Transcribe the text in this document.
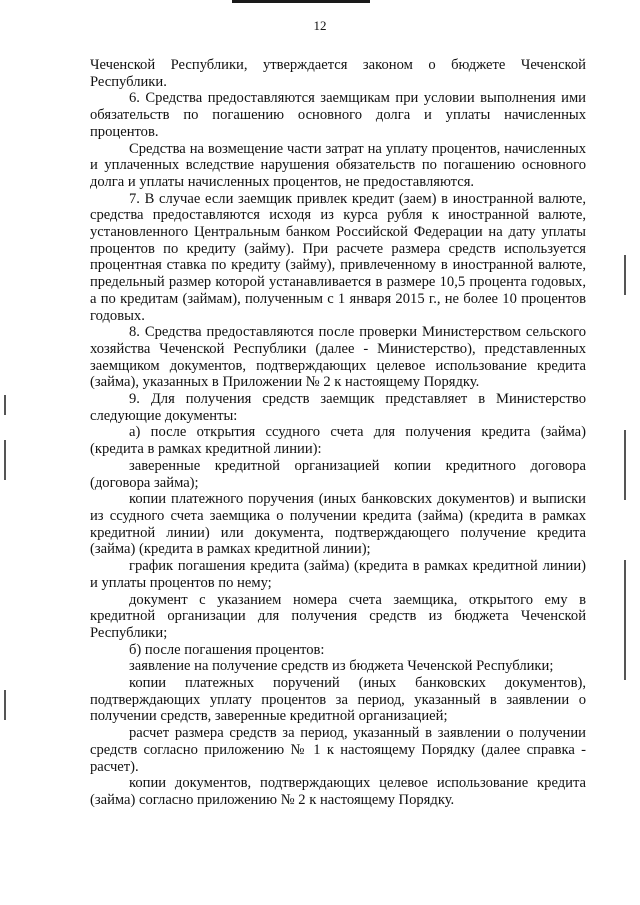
12

Чеченской Республики, утверждается законом о бюджете Чеченской Республики.

6. Средства предоставляются заемщикам при условии выполнения ими обязательств по погашению основного долга и уплаты начисленных процентов.

Средства на возмещение части затрат на уплату процентов, начисленных и уплаченных вследствие нарушения обязательств по погашению основного долга и уплаты начисленных процентов, не предоставляются.

7. В случае если заемщик привлек кредит (заем) в иностранной валюте, средства предоставляются исходя из курса рубля к иностранной валюте, установленного Центральным банком Российской Федерации на дату уплаты процентов по кредиту (займу). При расчете размера средств используется процентная ставка по кредиту (займу), привлеченному в иностранной валюте, предельный размер которой устанавливается в размере 10,5 процента годовых, а по кредитам (займам), полученным с 1 января 2015 г., не более 10 процентов годовых.

8. Средства предоставляются после проверки Министерством сельского хозяйства Чеченской Республики (далее - Министерство), представленных заемщиком документов, подтверждающих целевое использование кредита (займа), указанных в Приложении № 2 к настоящему Порядку.

9. Для получения средств заемщик представляет в Министерство следующие документы:

а) после открытия ссудного счета для получения кредита (займа) (кредита в рамках кредитной линии):

заверенные кредитной организацией копии кредитного договора (договора займа);

копии платежного поручения (иных банковских документов) и выписки из ссудного счета заемщика о получении кредита (займа) (кредита в рамках кредитной линии) или документа, подтверждающего получение кредита (займа) (кредита в рамках кредитной линии);

график погашения кредита (займа) (кредита в рамках кредитной линии) и уплаты процентов по нему;

документ с указанием номера счета заемщика, открытого ему в кредитной организации для получения средств из бюджета Чеченской Республики;

б) после погашения процентов:

заявление на получение средств из бюджета Чеченской Республики;

копии платежных поручений (иных банковских документов), подтверждающих уплату процентов за период, указанный в заявлении о получении средств, заверенные кредитной организацией;

расчет размера средств за период, указанный в заявлении о получении средств согласно приложению № 1 к настоящему Порядку (далее справка - расчет).

копии документов, подтверждающих целевое использование кредита (займа) согласно приложению № 2 к настоящему Порядку.
